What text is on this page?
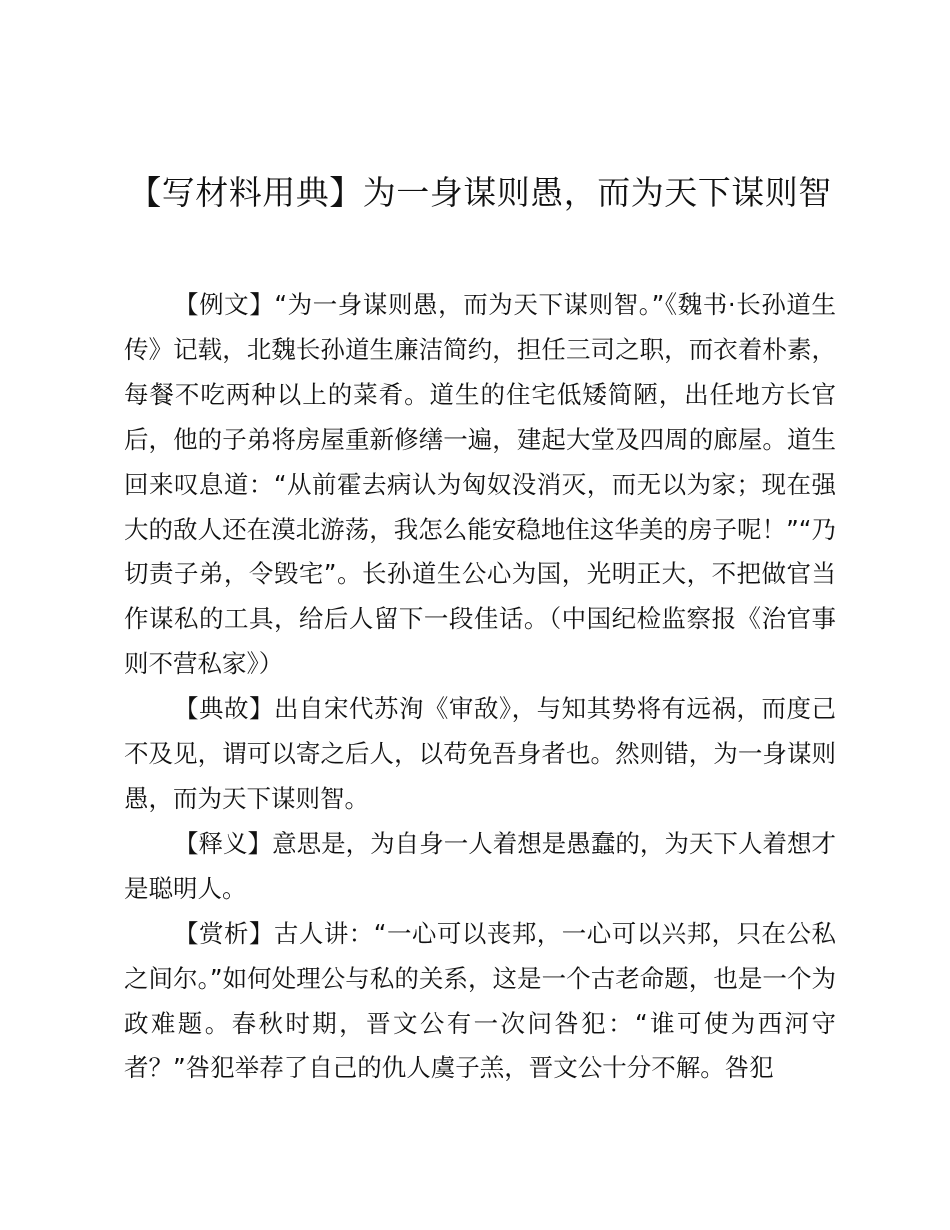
【写材料用典】为一身谋则愚，而为天下谋则智

【例文】“为一身谋则愚，而为天下谋则智。”《魏书·长孙道生传》记载，北魏长孙道生廉洁简约，担任三司之职，而衣着朴素，每餐不吃两种以上的菜肴。道生的住宅低矮简陋，出任地方长官后，他的子弟将房屋重新修缮一遍，建起大堂及四周的廊屋。道生回来叹息道：“从前霍去病认为匈奴没消灭，而无以为家；现在强大的敌人还在漠北游荡，我怎么能安稳地住这华美的房子呢！”“乃切责子弟，令毁宅”。长孙道生公心为国，光明正大，不把做官当作谋私的工具，给后人留下一段佳话。（中国纪检监察报《治官事则不营私家》）

【典故】出自宋代苏洵《审敌》，与知其势将有远祸，而度己不及见，谓可以寄之后人，以苟免吾身者也。然则错，为一身谋则愚，而为天下谋则智。

【释义】意思是，为自身一人着想是愚蠢的，为天下人着想才是聪明人。

【赏析】古人讲：“一心可以丧邦，一心可以兴邦，只在公私之间尔。”如何处理公与私的关系，这是一个古老命题，也是一个为政难题。春秋时期，晋文公有一次问咎犯：“谁可使为西河守者？”咎犯举荐了自己的仇人虞子羔，晋文公十分不解。咎犯
